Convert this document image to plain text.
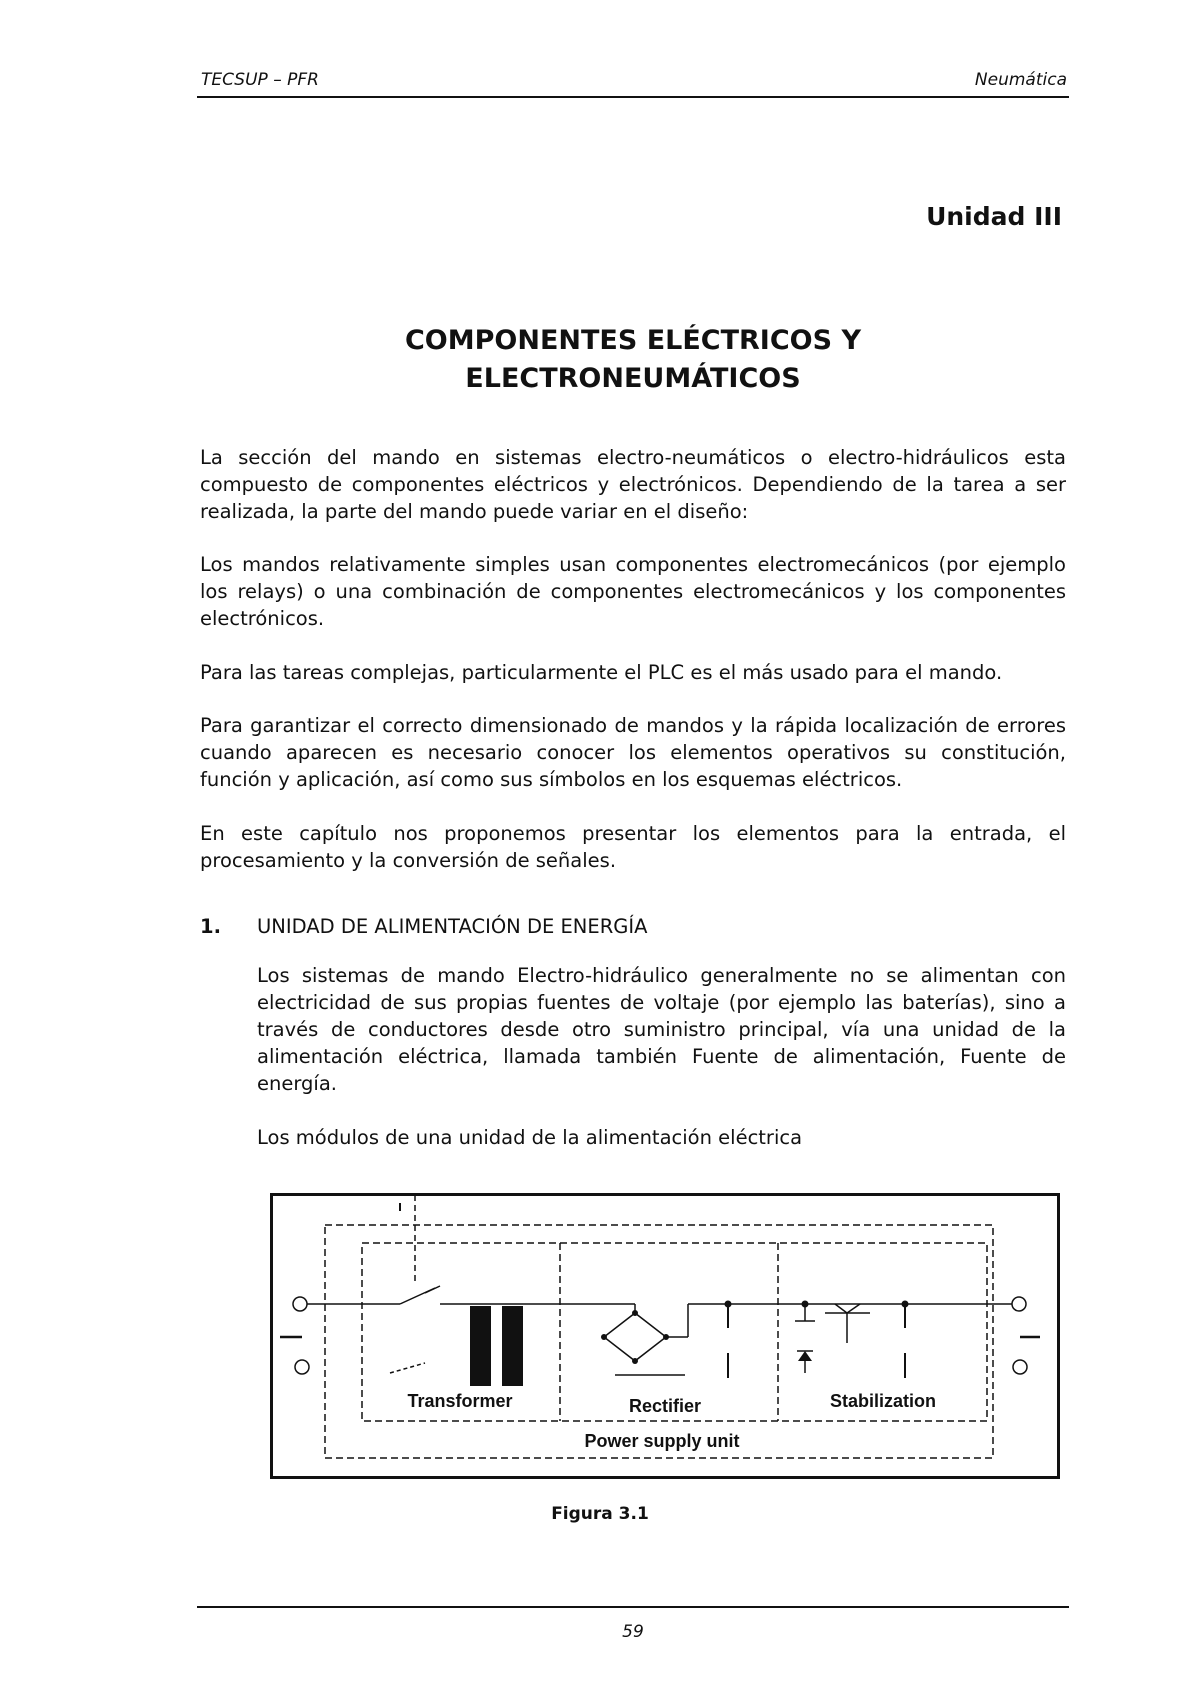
TECSUP – PFR	Neumática
Unidad III
COMPONENTES ELÉCTRICOS Y
ELECTRONEUMÁTICOS

La sección del mando en sistemas electro-neumáticos o electro-hidráulicos esta compuesto de componentes eléctricos y electrónicos. Dependiendo de la tarea a ser realizada, la parte del mando puede variar en el diseño:

Los mandos relativamente simples usan componentes electromecánicos (por ejemplo los relays) o una combinación de componentes electromecánicos y los componentes electrónicos.

Para las tareas complejas, particularmente el PLC es el más usado para el mando.

Para garantizar el correcto dimensionado de mandos y la rápida localización de errores cuando aparecen es necesario conocer los elementos operativos su constitución, función y aplicación, así como sus símbolos en los esquemas eléctricos.

En este capítulo nos proponemos presentar los elementos para la entrada, el procesamiento y la conversión de señales.

1. UNIDAD DE ALIMENTACIÓN DE ENERGÍA

Los sistemas de mando Electro-hidráulico generalmente no se alimentan con electricidad de sus propias fuentes de voltaje (por ejemplo las baterías), sino a través de conductores desde otro suministro principal, vía una unidad de la alimentación eléctrica, llamada también Fuente de alimentación, Fuente de energía.

Los módulos de una unidad de la alimentación eléctrica

Transformer	Rectifier	Stabilization
Power supply unit
Figura 3.1
59
